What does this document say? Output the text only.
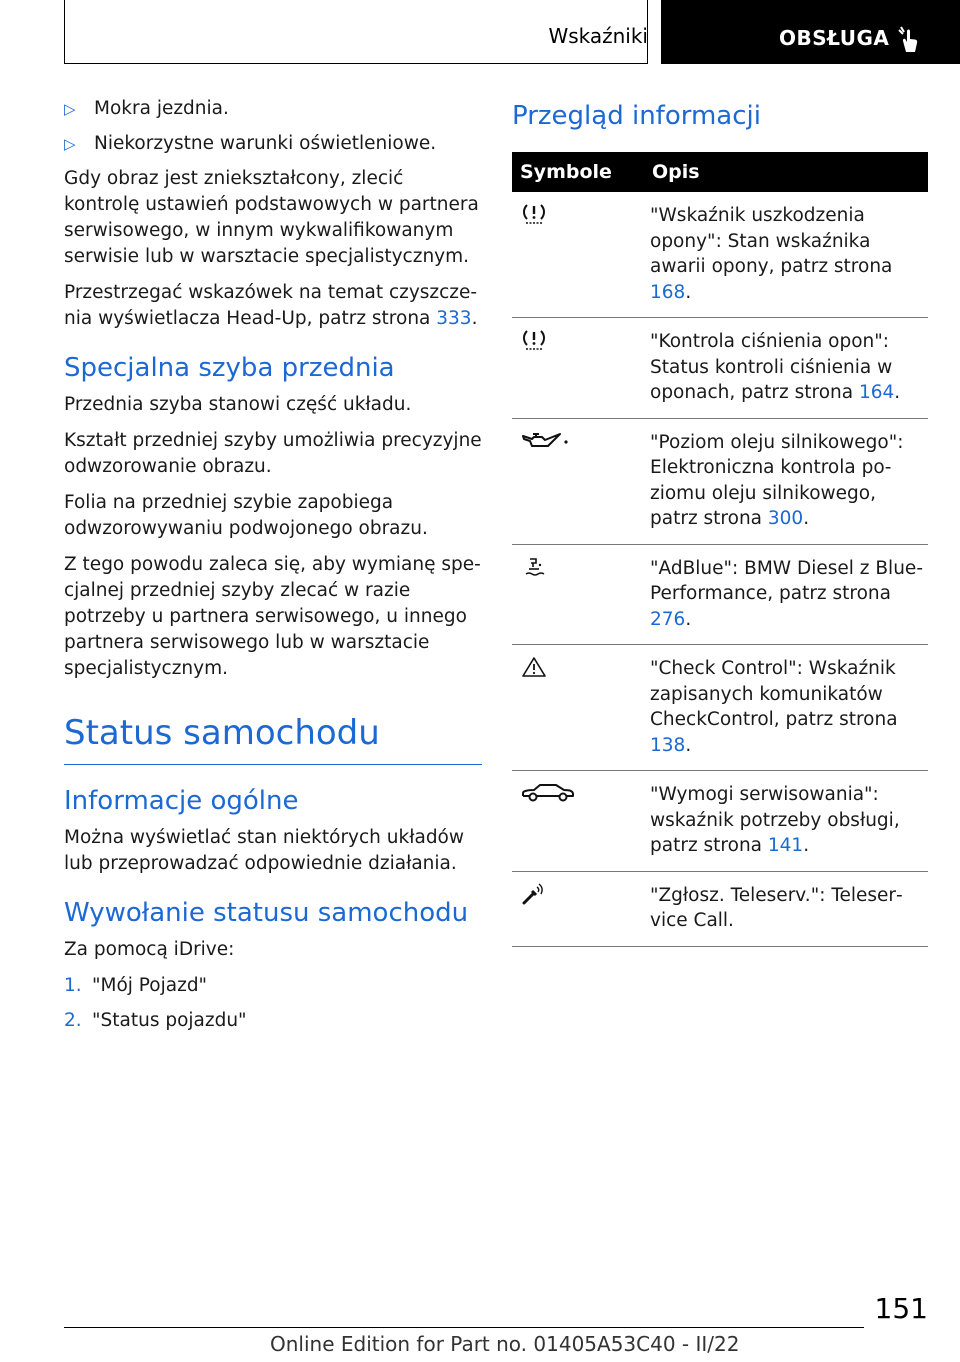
Wskaźniki	OBSŁUGA
▷ Mokra jezdnia.
▷ Niekorzystne warunki oświetleniowe.

Gdy obraz jest zniekształcony, zlecić kontrolę ustawień podstawowych w partnera serwisowego, w innym wykwalifikowanym serwisie lub w warsztacie specjalistycznym.

Przestrzegać wskazówek na temat czyszczenia wyświetlacza Head-Up, patrz strona 333.

Specjalna szyba przednia

Przednia szyba stanowi część układu.

Kształt przedniej szyby umożliwia precyzyjne odwzorowanie obrazu.

Folia na przedniej szybie zapobiega odwzorowywaniu podwojonego obrazu.

Z tego powodu zaleca się, aby wymianę specjalnej przedniej szyby zlecać w razie potrzeby u partnera serwisowego, u innego partnera serwisowego lub w warsztacie specjalistycznym.

Status samochodu
Informacje ogólne

Można wyświetlać stan niektórych układów lub przeprowadzać odpowiednie działania.

Wywołanie statusu samochodu

Za pomocą iDrive:

1. "Mój Pojazd"
2. "Status pojazdu"
Przegląd informacji
Symbole	Opis
	"Wskaźnik uszkodzenia opony": Stan wskaźnika awarii opony, patrz strona 168.
	"Kontrola ciśnienia opon": Status kontroli ciśnienia w oponach, patrz strona 164.
	"Poziom oleju silnikowego": Elektroniczna kontrola poziomu oleju silnikowego, patrz strona 300.
	"AdBlue": BMW Diesel z BluePerformance, patrz strona 276.
	"Check Control": Wskaźnik zapisanych komunikatów CheckControl, patrz strona 138.
	"Wymogi serwisowania": wskaźnik potrzeby obsługi, patrz strona 141.
	"Zgłosz. Teleserv.": Teleservice Call.
151
Online Edition for Part no. 01405A53C40 - II/22
